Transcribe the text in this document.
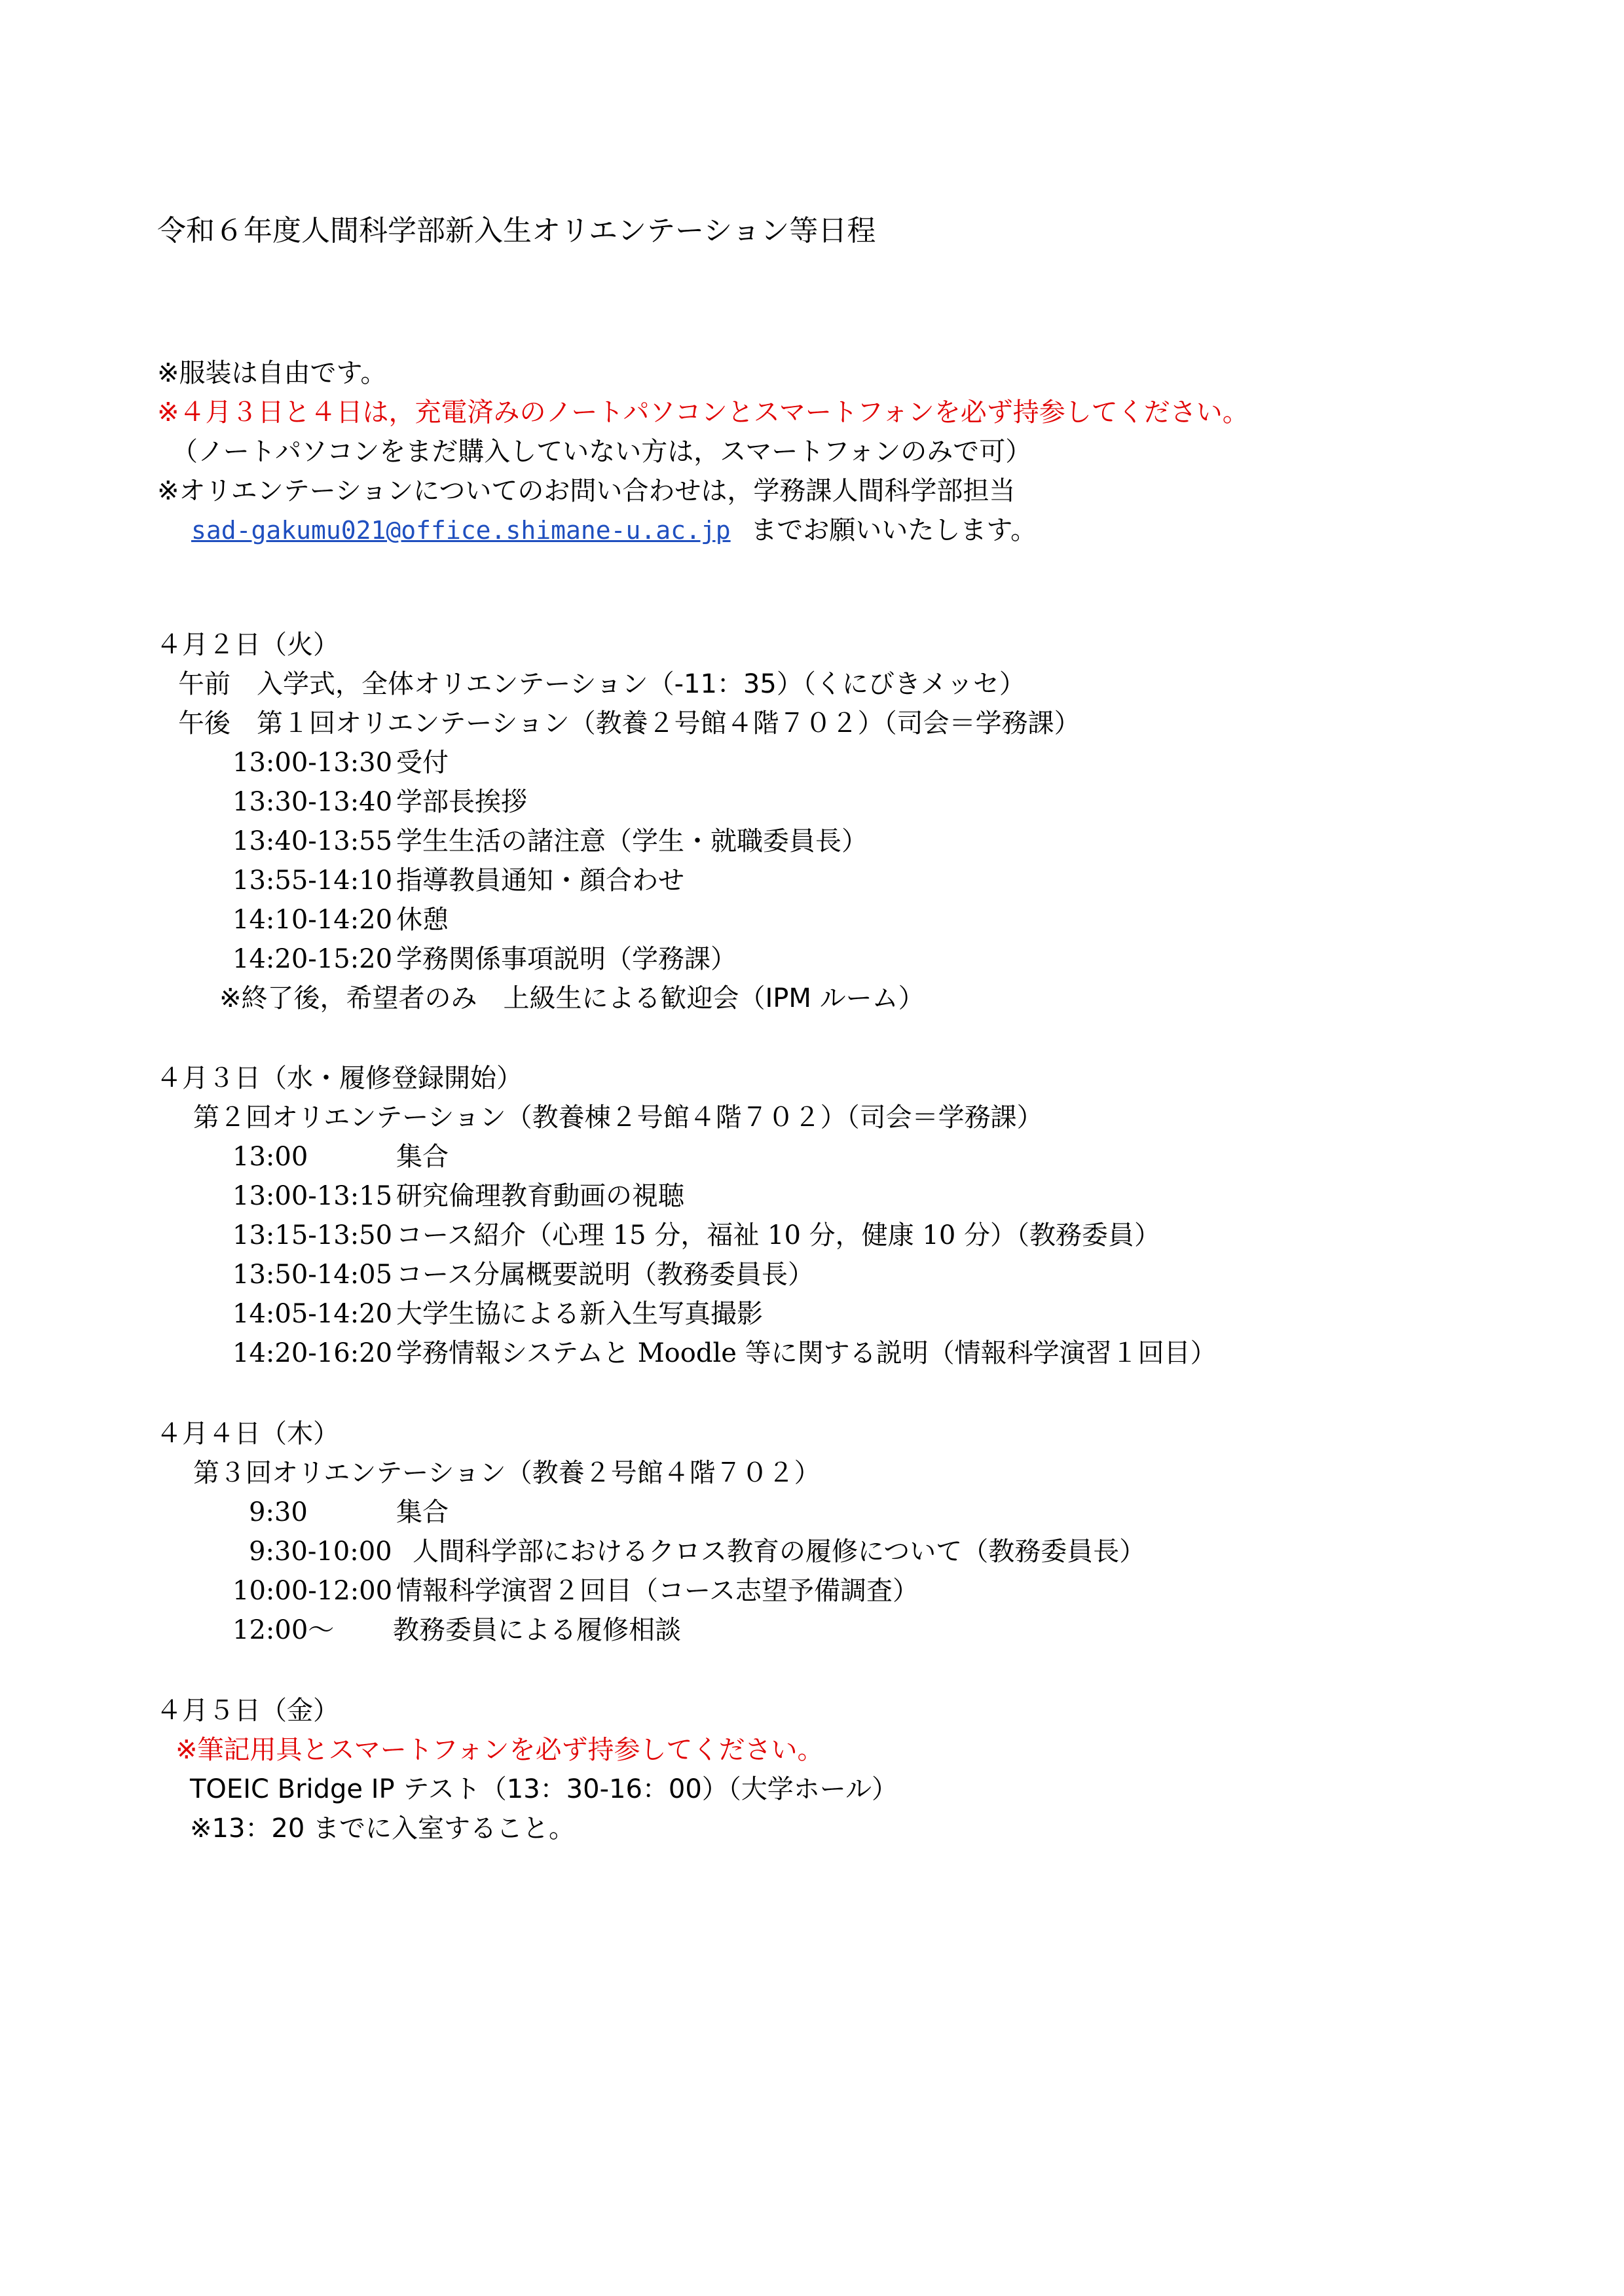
令和６年度人間科学部新入生オリエンテーション等日程
※服装は自由です。
※４月３日と４日は，充電済みのノートパソコンとスマートフォンを必ず持参してください。
（ノートパソコンをまだ購入していない方は，スマートフォンのみで可）
※オリエンテーションについてのお問い合わせは，学務課人間科学部担当
sad-gakumu021@office.shimane-u.ac.jp までお願いいたします。
４月２日（火）
午前　入学式，全体オリエンテーション（-11：35）（くにびきメッセ）
午後　第１回オリエンテーション（教養２号館４階７０２）（司会＝学務課）
13:00-13:30 受付
13:30-13:40 学部長挨拶
13:40-13:55 学生生活の諸注意（学生・就職委員長）
13:55-14:10 指導教員通知・顔合わせ
14:10-14:20 休憩
14:20-15:20 学務関係事項説明（学務課）
※終了後，希望者のみ　上級生による歓迎会（IPM ルーム）
４月３日（水・履修登録開始）
第２回オリエンテーション（教養棟２号館４階７０２）（司会＝学務課）
13:00	集合
13:00-13:15 研究倫理教育動画の視聴
13:15-13:50 コース紹介（心理 15 分，福祉 10 分，健康 10 分）（教務委員）
13:50-14:05 コース分属概要説明（教務委員長）
14:05-14:20 大学生協による新入生写真撮影
14:20-16:20 学務情報システムと Moodle 等に関する説明（情報科学演習１回目）
４月４日（木）
第３回オリエンテーション（教養２号館４階７０２）
9:30	集合
9:30-10:00 人間科学部におけるクロス教育の履修について（教務委員長）
10:00-12:00 情報科学演習２回目（コース志望予備調査）
12:00～ 教務委員による履修相談
４月５日（金）
※筆記用具とスマートフォンを必ず持参してください。
TOEIC Bridge IP テスト（13：30-16：00）（大学ホール）
※13：20 までに入室すること。
